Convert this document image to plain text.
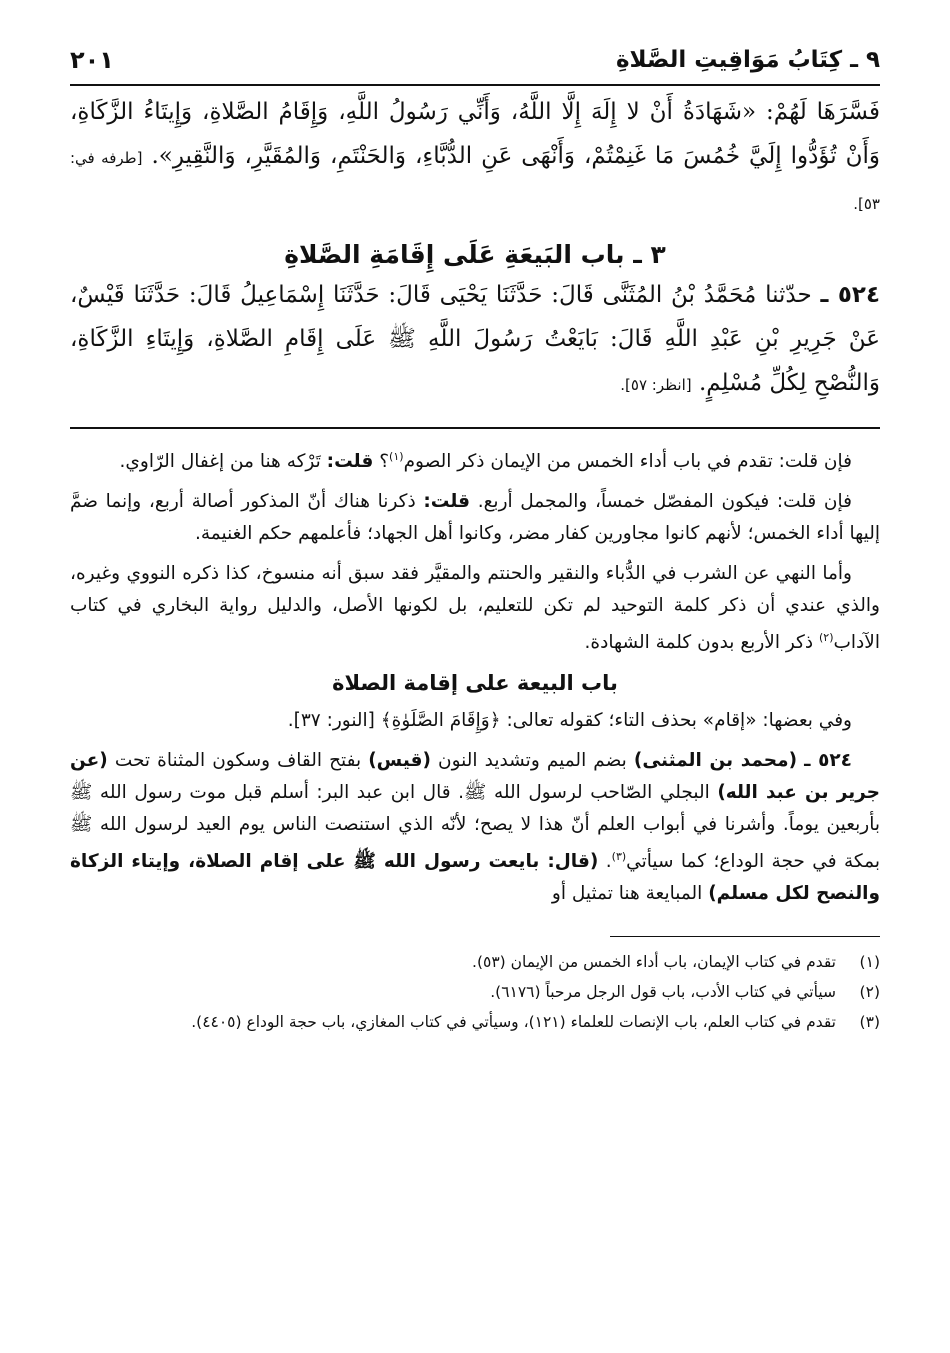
٩ ـ كِتَابُ مَوَاقِيتِ الصَّلاةِ
٢٠١
فَسَّرَهَا لَهُمْ: «شَهَادَةُ أَنْ لا إِلَهَ إِلَّا اللَّهُ، وَأَنِّي رَسُولُ اللَّهِ، وَإِقَامُ الصَّلاةِ، وَإِيتَاءُ الزَّكَاةِ، وَأَنْ تُؤَدُّوا إِلَيَّ خُمُسَ مَا غَنِمْتُمْ، وَأَنْهَى عَنِ الدُّبَّاءِ، وَالحَنْتَمِ، وَالمُقَيَّرِ، وَالنَّقِيرِ». [طرفه في: ٥٣].
٣ ـ باب البَيعَةِ عَلَى إِقَامَةِ الصَّلاةِ
٥٢٤ ـ حدّثنا مُحَمَّدُ بْنُ المُثَنَّى قَالَ: حَدَّثَنَا يَحْيَى قَالَ: حَدَّثَنَا إِسْمَاعِيلُ قَالَ: حَدَّثَنَا قَيْسٌ، عَنْ جَرِيرِ بْنِ عَبْدِ اللَّهِ قَالَ: بَايَعْتُ رَسُولَ اللَّهِ ﷺ عَلَى إِقَامِ الصَّلاةِ، وَإِيتَاءِ الزَّكَاةِ، وَالنُّصْحِ لِكُلِّ مُسْلِمٍ. [انظر: ٥٧].

فإن قلت: تقدم في باب أداء الخمس من الإيمان ذكر الصوم$^{(١)}$؟ قلت: تَرْكه هنا من إغفال الرّاوي.

فإن قلت: فيكون المفصّل خمساً، والمجمل أربع. قلت: ذكرنا هناك أنّ المذكور أصالة أربع، وإنما ضمَّ إليها أداء الخمس؛ لأنهم كانوا مجاورين كفار مضر، وكانوا أهل الجهاد؛ فأعلمهم حكم الغنيمة.

وأما النهي عن الشرب في الدُّباء والنقير والحنتم والمقيَّر فقد سبق أنه منسوخ، كذا ذكره النووي وغيره، والذي عندي أن ذكر كلمة التوحيد لم تكن للتعليم، بل لكونها الأصل، والدليل رواية البخاري في كتاب الآداب$^{(٢)}$ ذكر الأربع بدون كلمة الشهادة.

باب البيعة على إقامة الصلاة

وفي بعضها: «إقام» بحذف التاء؛ كقوله تعالى: ﴿وَإِقَامَ الصَّلَوٰةِ﴾ [النور: ٣٧].

٥٢٤ ـ (محمد بن المثنى) بضم الميم وتشديد النون (قيس) بفتح القاف وسكون المثناة تحت (عن جرير بن عبد الله) البجلي الصّاحب لرسول الله ﷺ. قال ابن عبد البر: أسلم قبل موت رسول الله ﷺ بأربعين يوماً. وأشرنا في أبواب العلم أنّ هذا لا يصح؛ لأنّه الذي استنصت الناس يوم العيد لرسول الله ﷺ بمكة في حجة الوداع؛ كما سيأتي$^{(٣)}$. (قال: بايعت رسول الله ﷺ على إقام الصلاة، وإيتاء الزكاة والنصح لكل مسلم) المبايعة هنا تمثيل أو

(١)
تقدم في كتاب الإيمان، باب أداء الخمس من الإيمان (٥٣).
(٢)
سيأتي في كتاب الأدب، باب قول الرجل مرحباً (٦١٧٦).
(٣)
تقدم في كتاب العلم، باب الإنصات للعلماء (١٢١)، وسيأتي في كتاب المغازي، باب حجة الوداع (٤٤٠٥).
